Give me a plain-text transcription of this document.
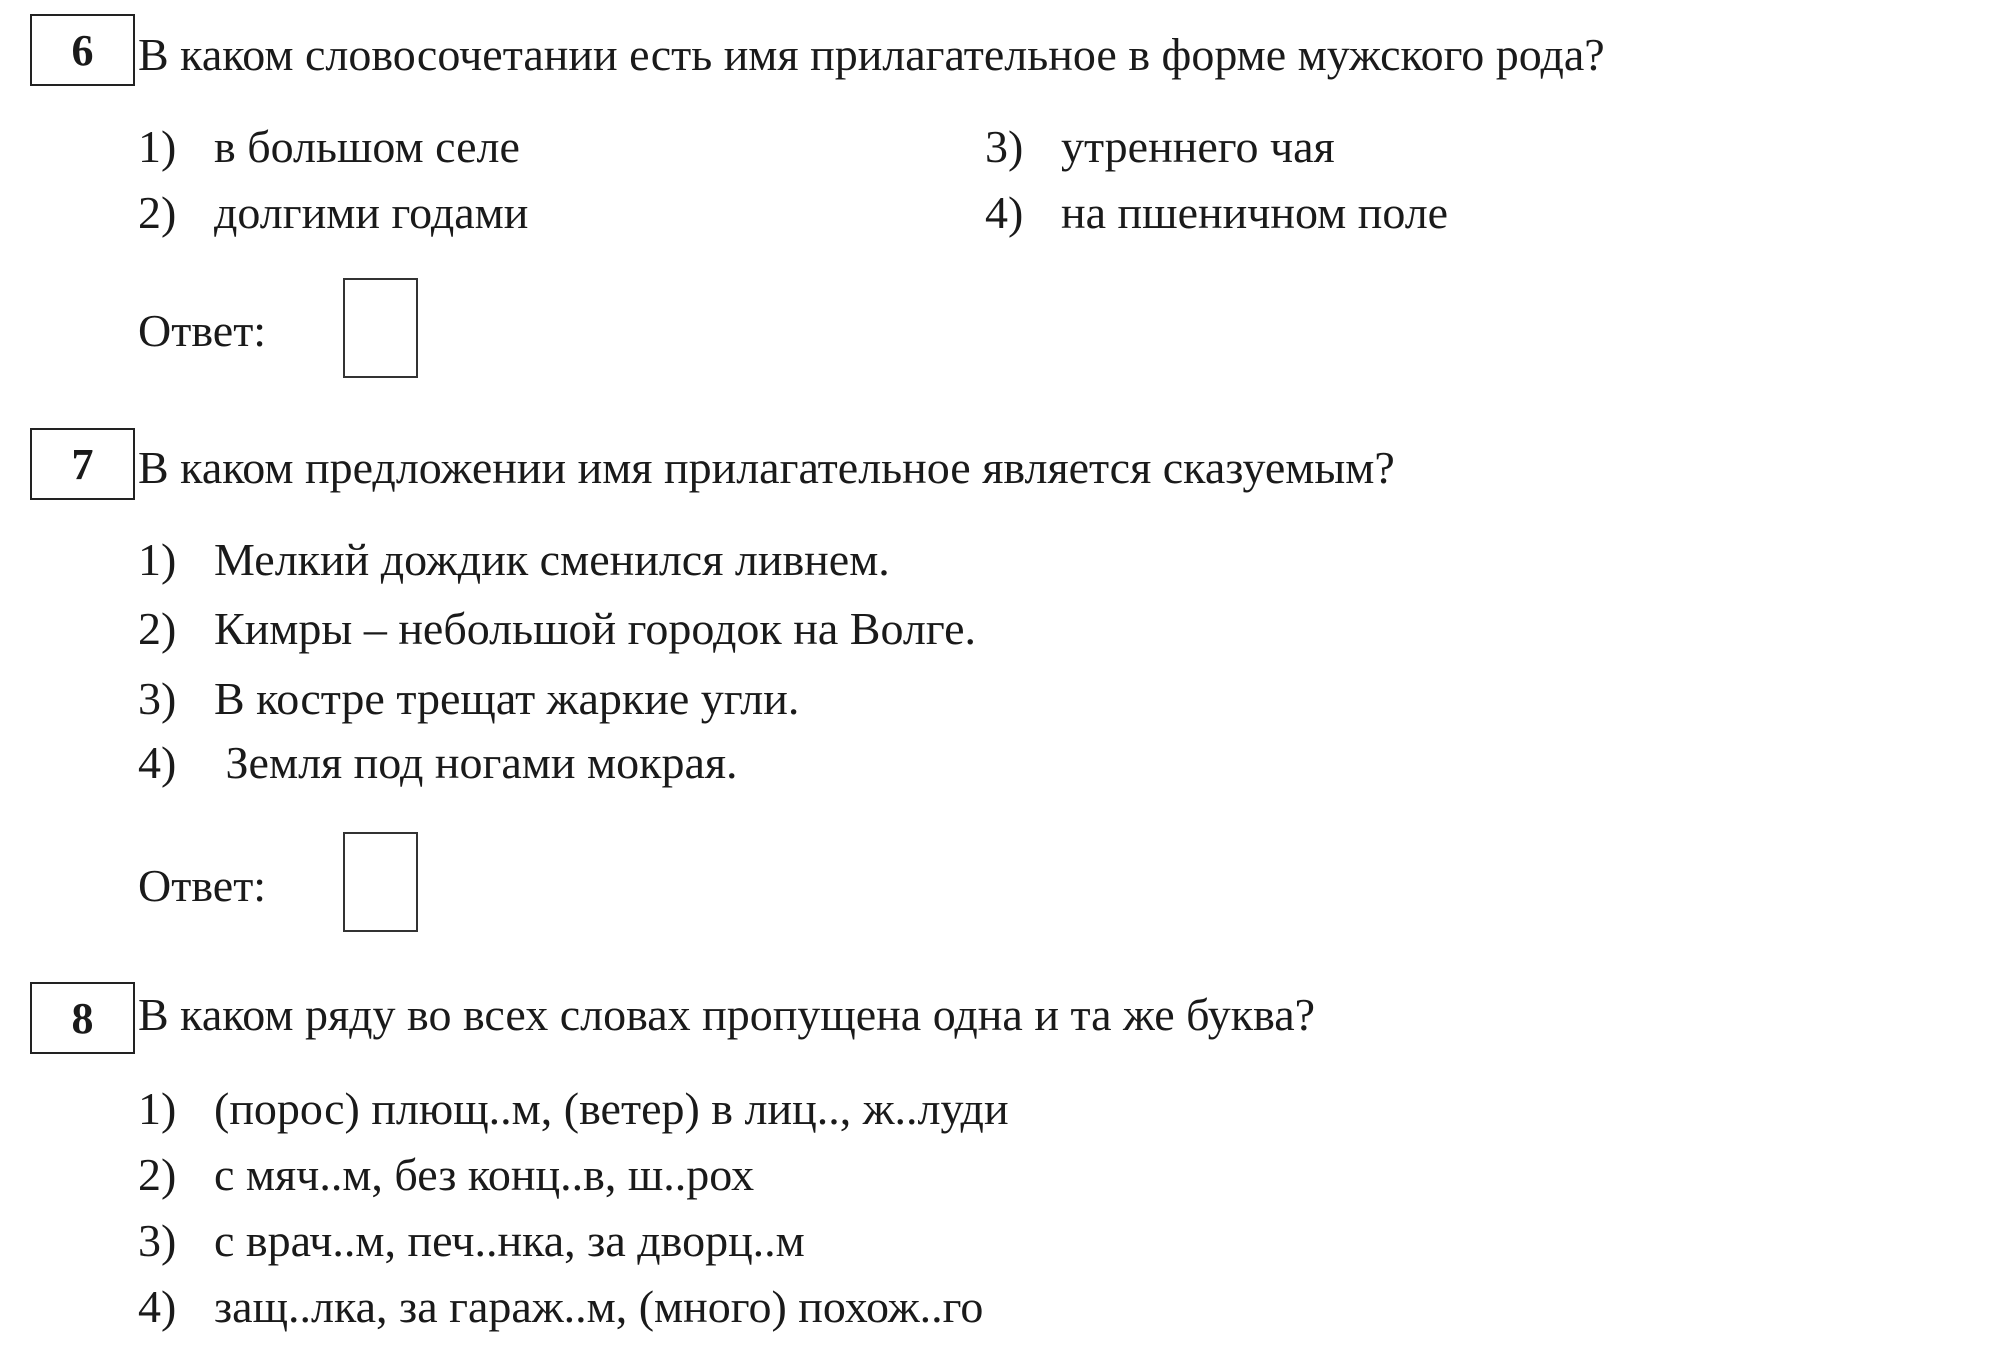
6 В каком словосочетании есть имя прилагательное в форме мужского рода?
1) в большом селе
2) долгими годами
3) утреннего чая
4) на пшеничном поле
Ответ:
7 В каком предложении имя прилагательное является сказуемым?
1) Мелкий дождик сменился ливнем.
2) Кимры – небольшой городок на Волге.
3) В костре трещат жаркие угли.
4) Земля под ногами мокрая.
Ответ:
8 В каком ряду во всех словах пропущена одна и та же буква?
1) (порос) плющ..м, (ветер) в лиц.., ж..луди
2) с мяч..м, без конц..в, ш..рох
3) с врач..м, печ..нка, за дворц..м
4) защ..лка, за гараж..м, (много) похож..го
